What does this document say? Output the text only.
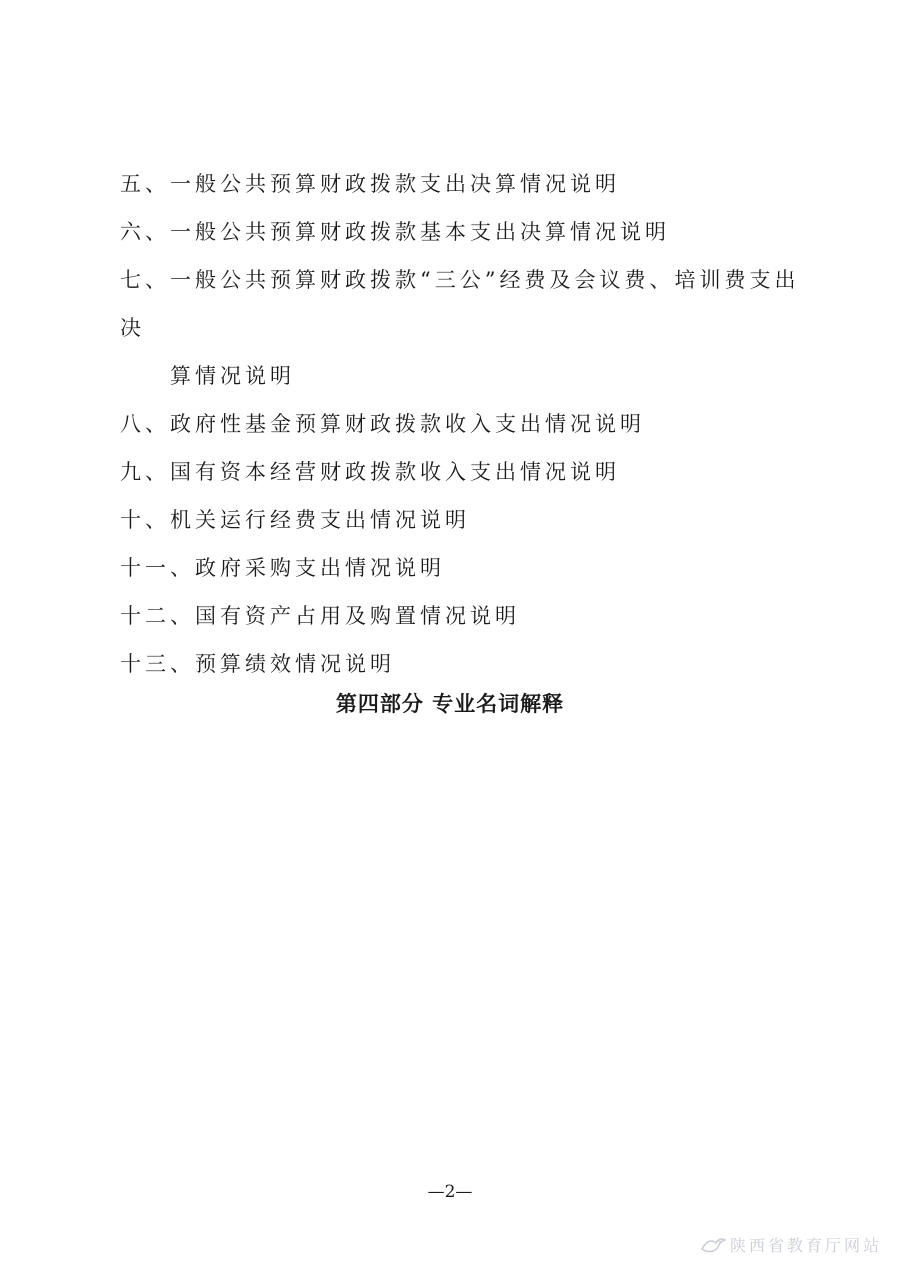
五、一般公共预算财政拨款支出决算情况说明
六、一般公共预算财政拨款基本支出决算情况说明
七、一般公共预算财政拨款“三公”经费及会议费、培训费支出决
算情况说明
八、政府性基金预算财政拨款收入支出情况说明
九、国有资本经营财政拨款收入支出情况说明
十、机关运行经费支出情况说明
十一、政府采购支出情况说明
十二、国有资产占用及购置情况说明
十三、预算绩效情况说明
第四部分 专业名词解释
—2—
陕西省教育厅网站
